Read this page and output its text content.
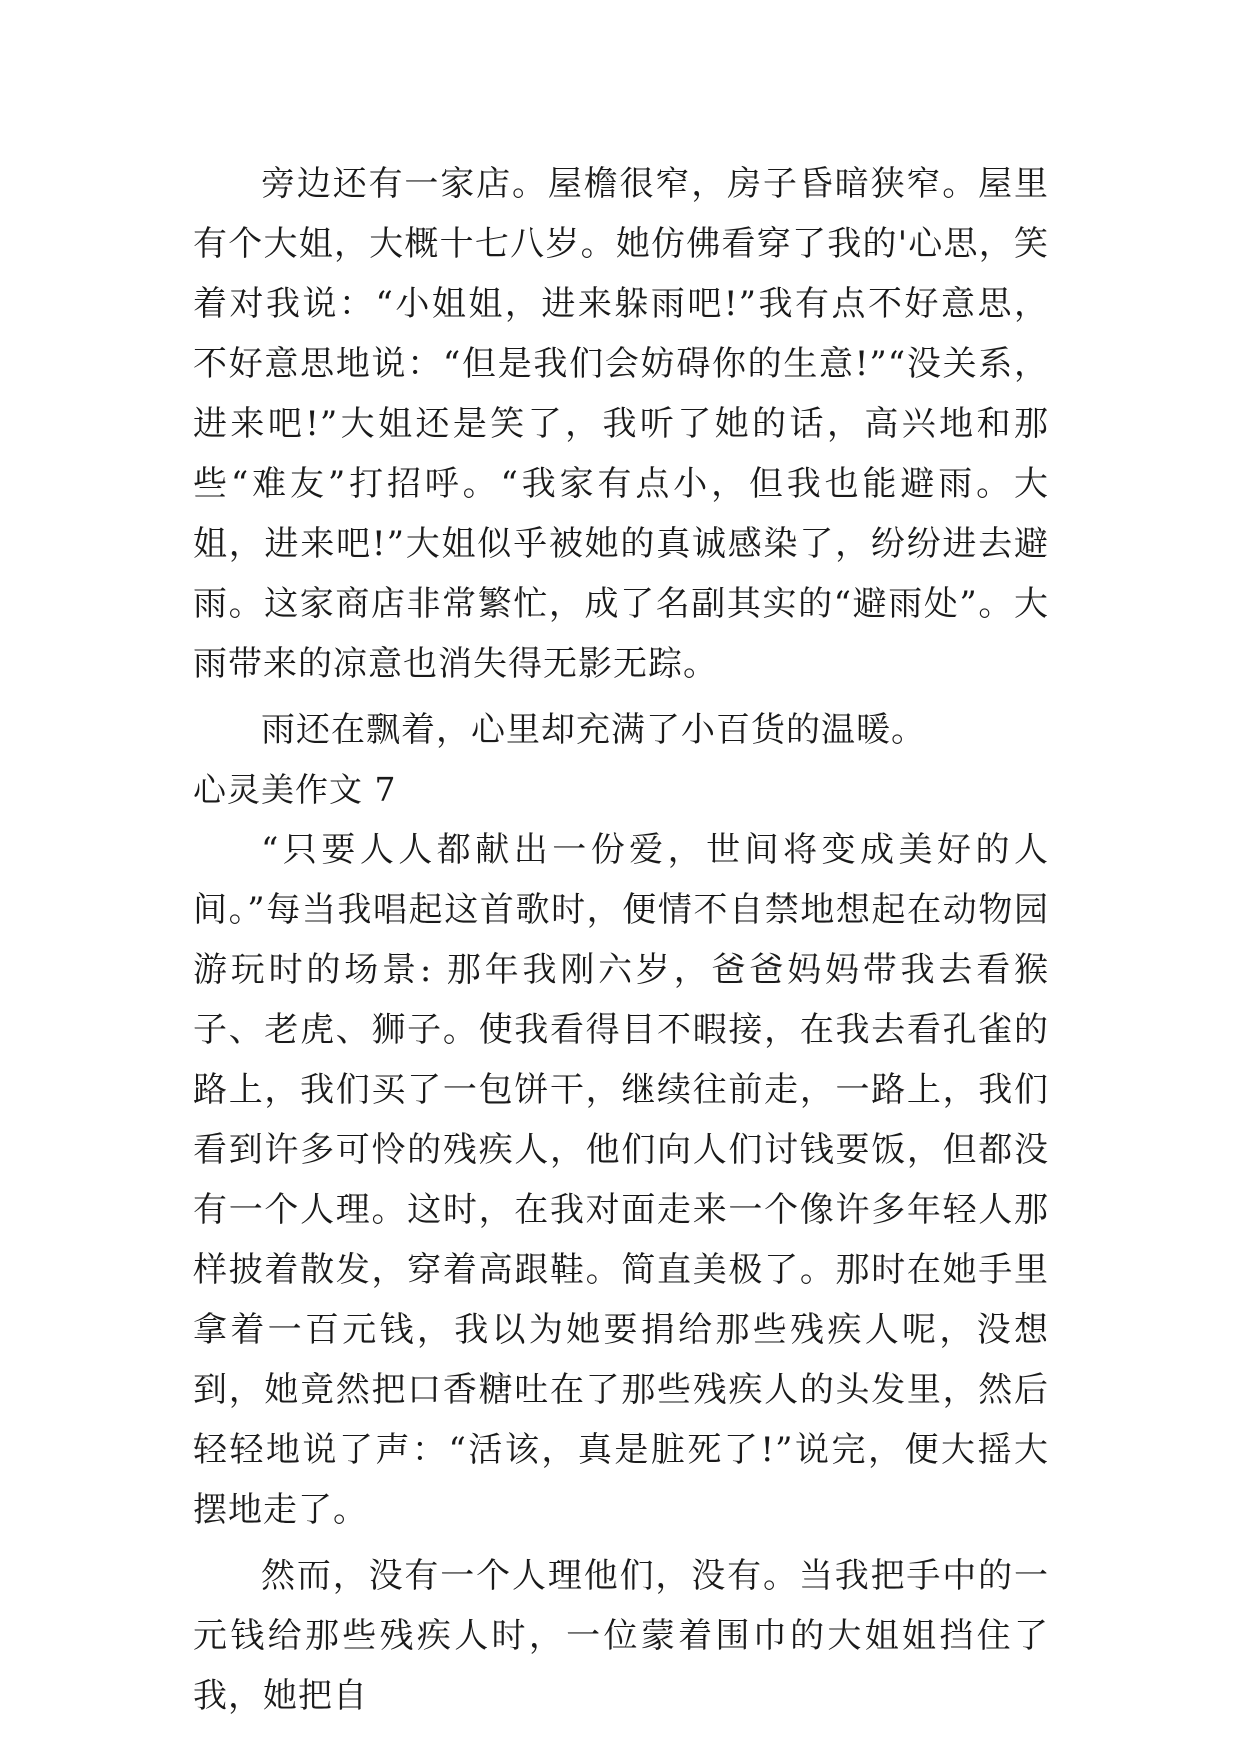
旁边还有一家店。屋檐很窄，房子昏暗狭窄。屋里有个大姐，大概十七八岁。她仿佛看穿了我的'心思，笑着对我说：“小姐姐，进来躲雨吧!”我有点不好意思，不好意思地说：“但是我们会妨碍你的生意!”“没关系，进来吧!”大姐还是笑了，我听了她的话，高兴地和那些“难友”打招呼。“我家有点小，但我也能避雨。大姐，进来吧!”大姐似乎被她的真诚感染了，纷纷进去避雨。这家商店非常繁忙，成了名副其实的“避雨处”。大雨带来的凉意也消失得无影无踪。

雨还在飘着，心里却充满了小百货的温暖。

心灵美作文 7

“只要人人都献出一份爱，世间将变成美好的人间。”每当我唱起这首歌时，便情不自禁地想起在动物园游玩时的场景: 那年我刚六岁，爸爸妈妈带我去看猴子、老虎、狮子。使我看得目不暇接，在我去看孔雀的路上，我们买了一包饼干，继续往前走，一路上，我们看到许多可怜的残疾人，他们向人们讨钱要饭，但都没有一个人理。这时，在我对面走来一个像许多年轻人那样披着散发，穿着高跟鞋。简直美极了。那时在她手里拿着一百元钱，我以为她要捐给那些残疾人呢，没想到，她竟然把口香糖吐在了那些残疾人的头发里，然后轻轻地说了声：“活该，真是脏死了!”说完，便大摇大摆地走了。

然而，没有一个人理他们，没有。当我把手中的一元钱给那些残疾人时，一位蒙着围巾的大姐姐挡住了我，她把自
